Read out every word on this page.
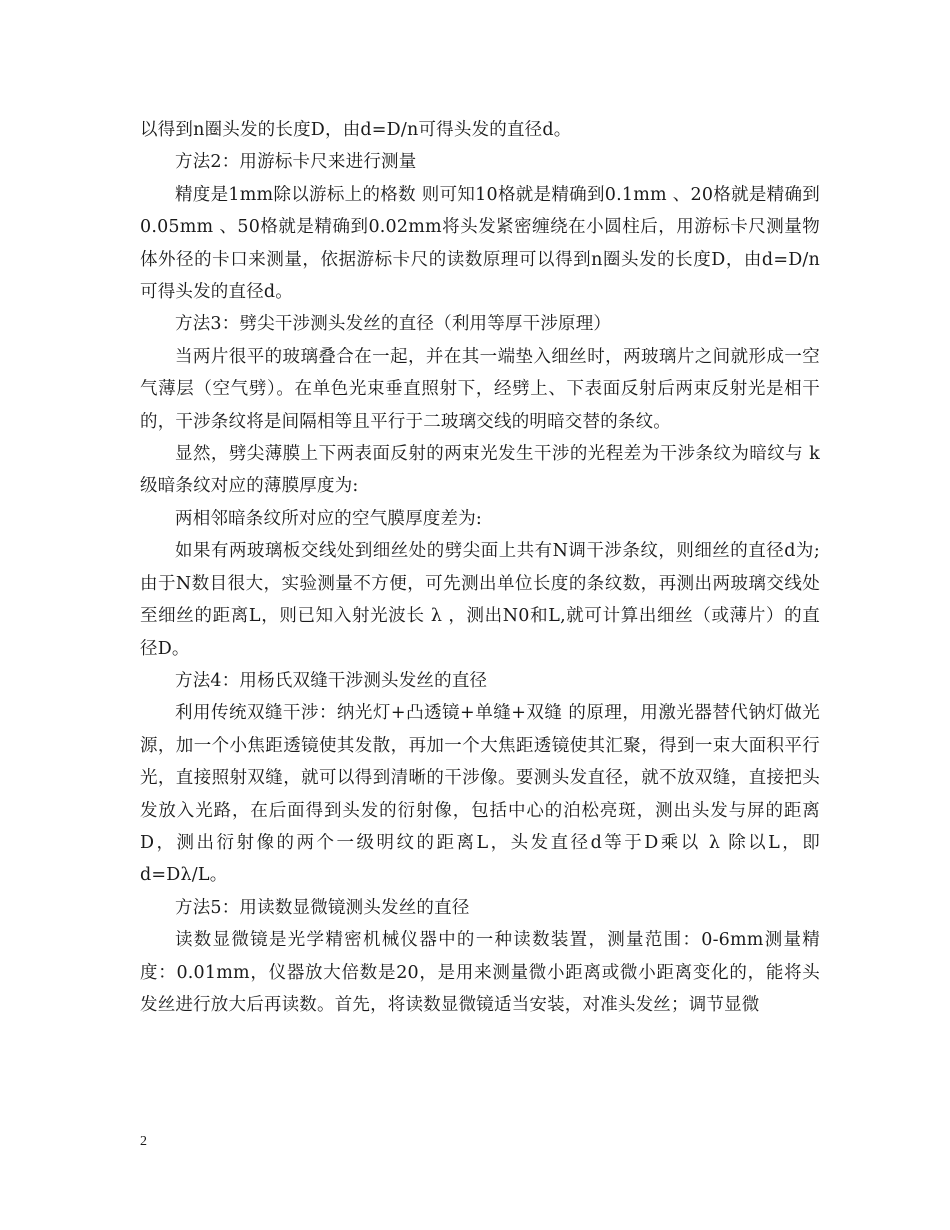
以得到n圈头发的长度D，由d=D/n可得头发的直径d。

方法2：用游标卡尺来进行测量

精度是1mm除以游标上的格数 则可知10格就是精确到0.1mm 、20格就是精确到0.05mm 、50格就是精确到0.02mm将头发紧密缠绕在小圆柱后，用游标卡尺测量物体外径的卡口来测量，依据游标卡尺的读数原理可以得到n圈头发的长度D，由d=D/n可得头发的直径d。

方法3：劈尖干涉测头发丝的直径（利用等厚干涉原理）

当两片很平的玻璃叠合在一起，并在其一端垫入细丝时，两玻璃片之间就形成一空气薄层（空气劈）。在单色光束垂直照射下，经劈上、下表面反射后两束反射光是相干的，干涉条纹将是间隔相等且平行于二玻璃交线的明暗交替的条纹。

显然，劈尖薄膜上下两表面反射的两束光发生干涉的光程差为干涉条纹为暗纹与 k 级暗条纹对应的薄膜厚度为:

两相邻暗条纹所对应的空气膜厚度差为:

如果有两玻璃板交线处到细丝处的劈尖面上共有N调干涉条纹，则细丝的直径d为;由于N数目很大，实验测量不方便，可先测出单位长度的条纹数，再测出两玻璃交线处至细丝的距离L，则已知入射光波长 λ ，测出N0和L,就可计算出细丝（或薄片）的直径D。

方法4：用杨氏双缝干涉测头发丝的直径

利用传统双缝干涉：纳光灯+凸透镜+单缝+双缝 的原理，用激光器替代钠灯做光源，加一个小焦距透镜使其发散，再加一个大焦距透镜使其汇聚，得到一束大面积平行光，直接照射双缝，就可以得到清晰的干涉像。要测头发直径，就不放双缝，直接把头发放入光路，在后面得到头发的衍射像，包括中心的泊松亮斑，测出头发与屏的距离D，测出衍射像的两个一级明纹的距离L，头发直径d等于D乘以 λ 除以L，即d=Dλ/L。

方法5：用读数显微镜测头发丝的直径

读数显微镜是光学精密机械仪器中的一种读数装置，测量范围：0-6mm测量精度：0.01mm，仪器放大倍数是20，是用来测量微小距离或微小距离变化的，能将头发丝进行放大后再读数。首先，将读数显微镜适当安装，对准头发丝；调节显微

2
